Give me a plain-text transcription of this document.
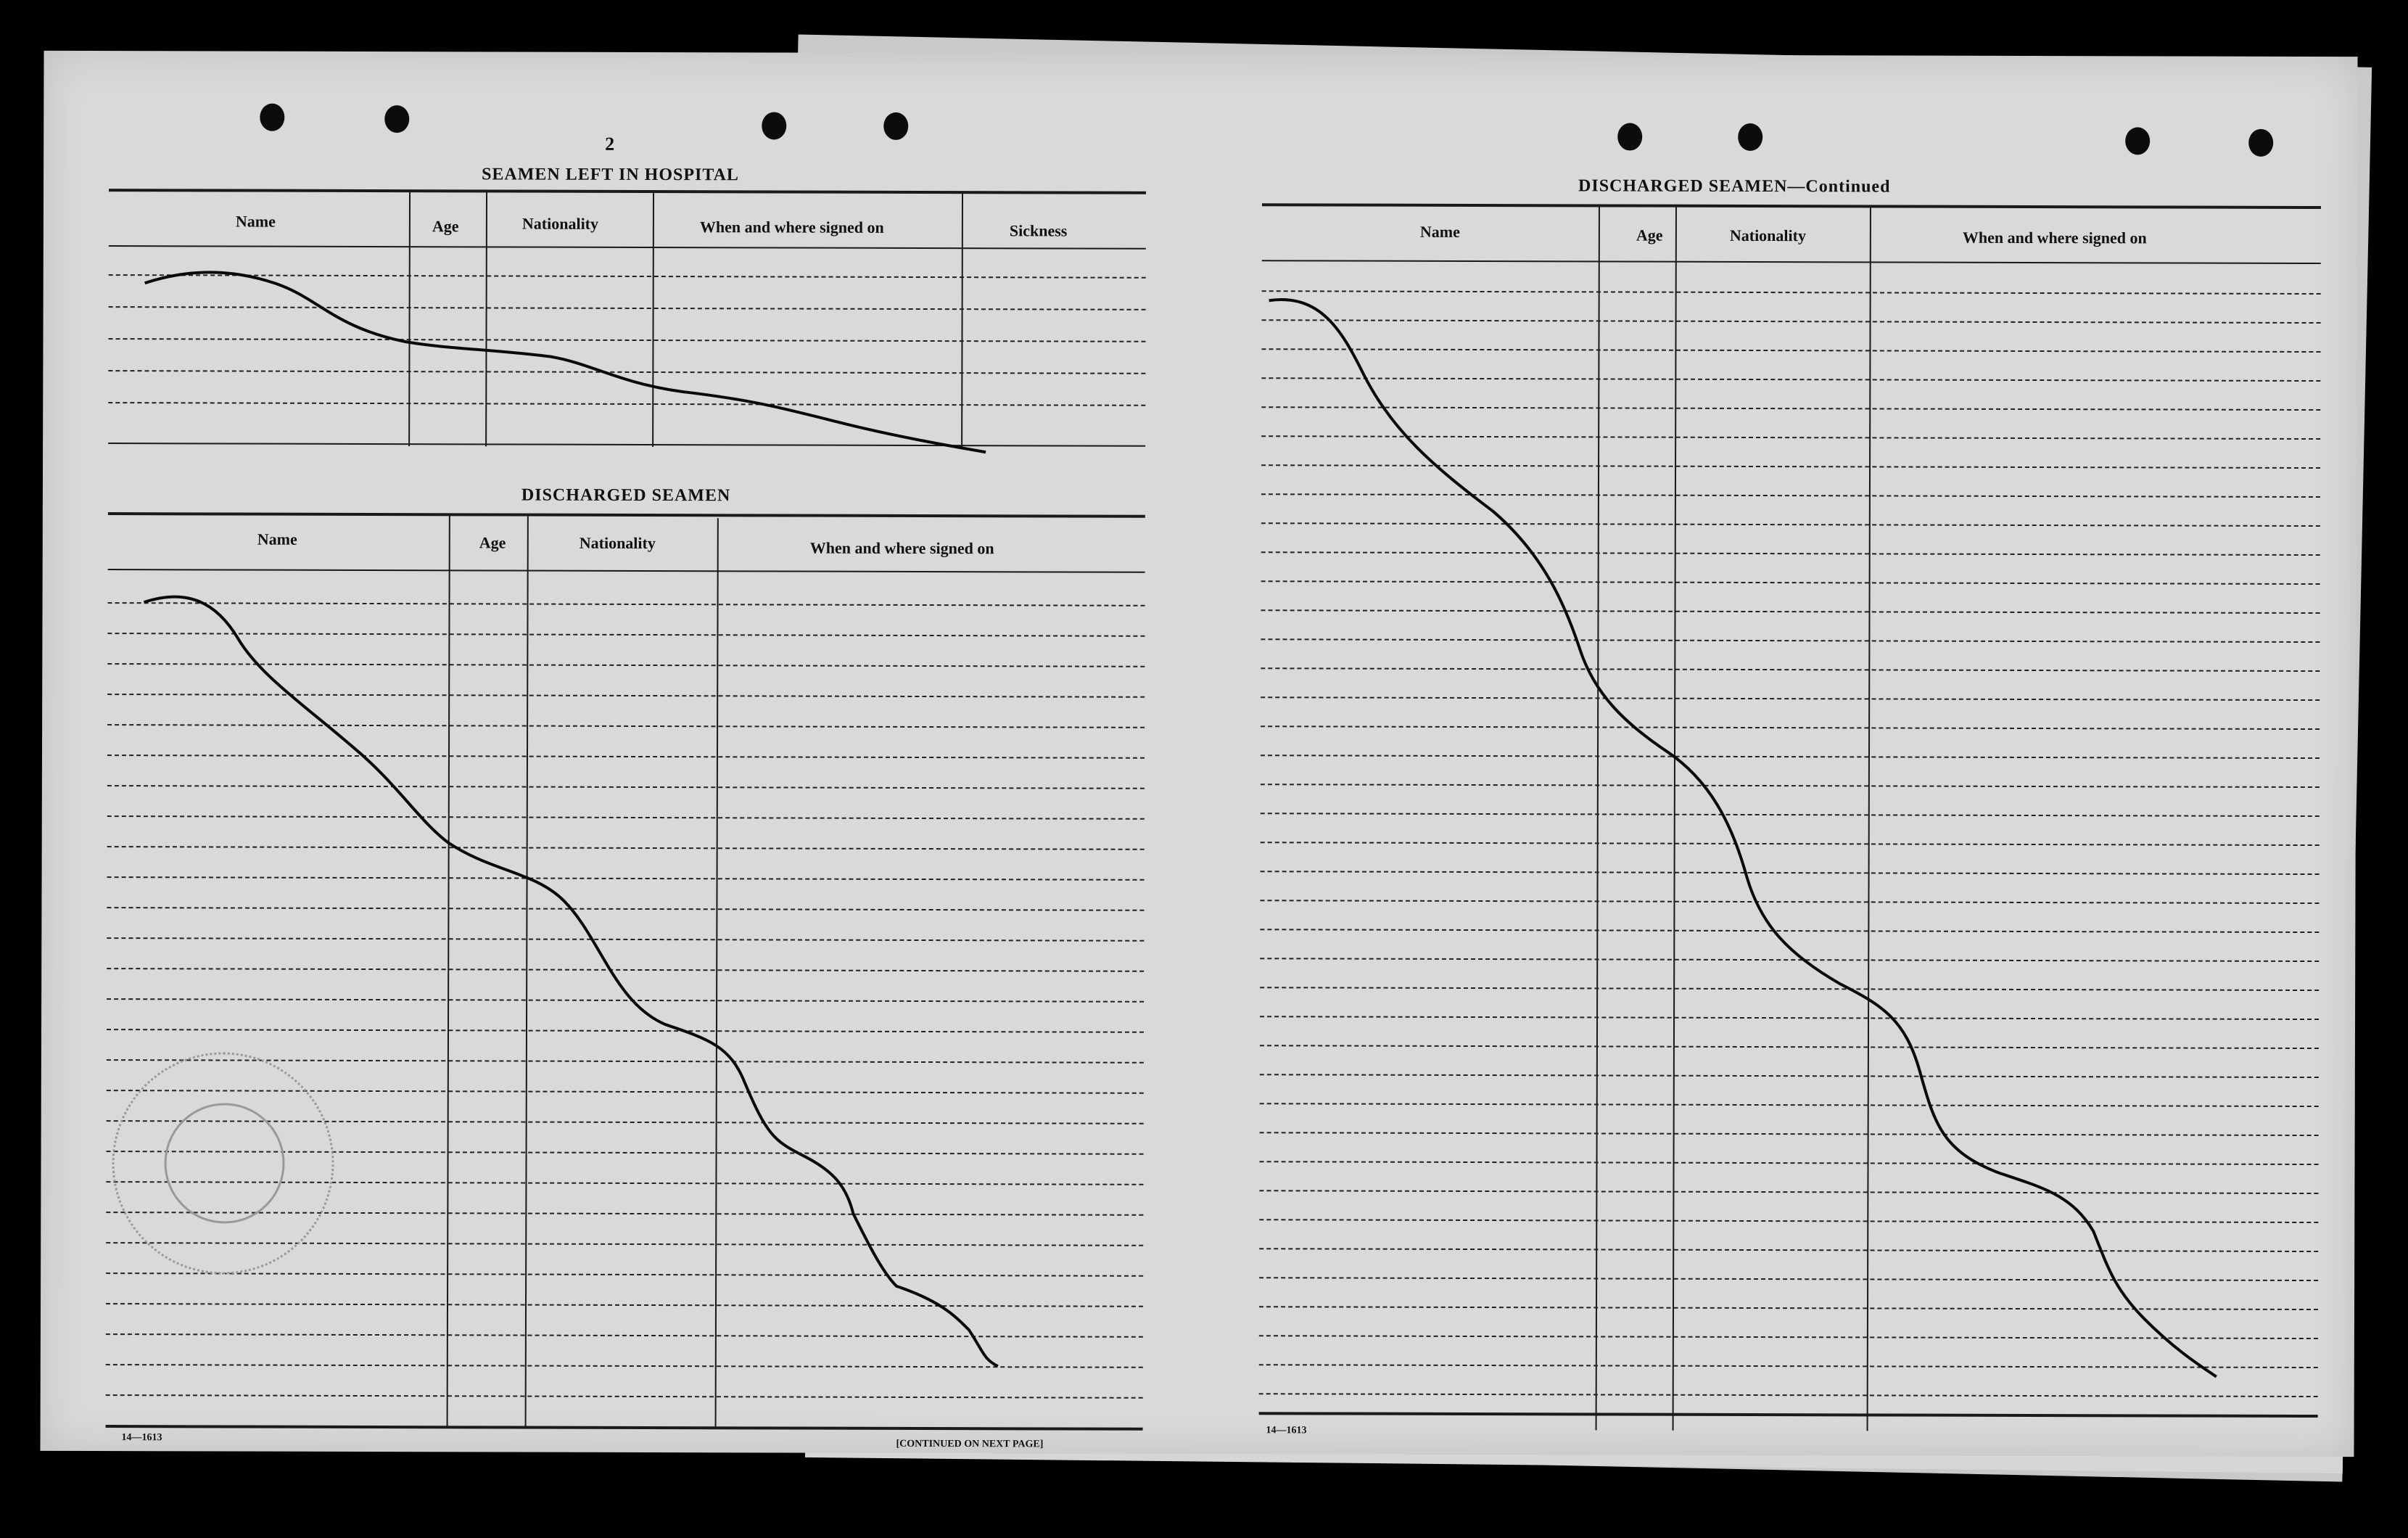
2
SEAMEN LEFT IN HOSPITAL
Name	Age	Nationality	When and where signed on	Sickness
DISCHARGED SEAMEN
Name	Age	Nationality	When and where signed on
14—1613
[CONTINUED ON NEXT PAGE]
DISCHARGED SEAMEN—Continued
Name	Age	Nationality	When and where signed on
14—1613
